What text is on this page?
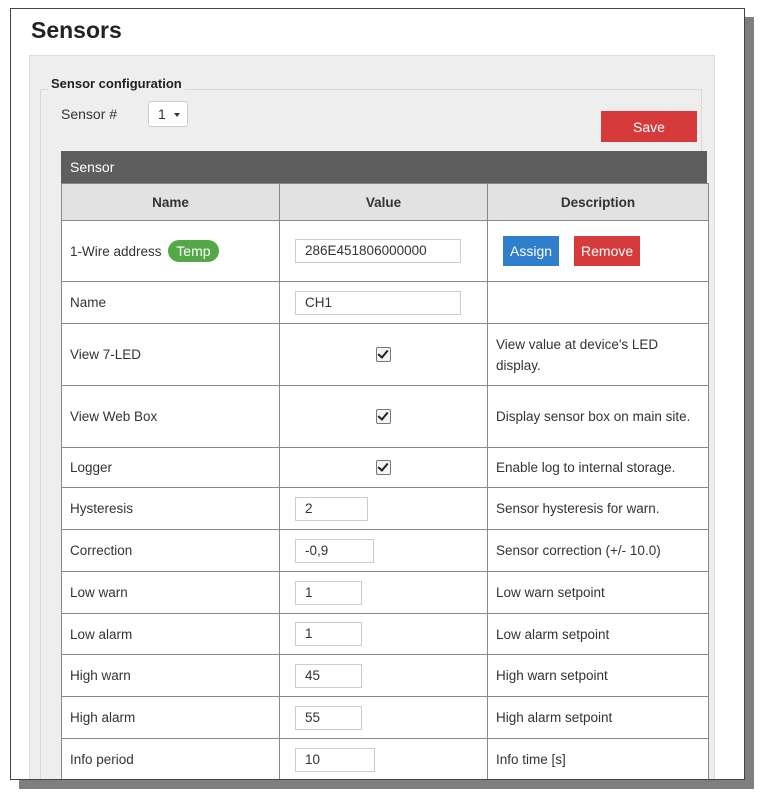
Sensors
Sensor configuration
Sensor #	1
Save
Sensor
Name	Value	Description
1-Wire address Temp	286E451806000000	Assign Remove
Name	CH1	
View 7-LED		View value at device's LED display.
View Web Box		Display sensor box on main site.
Logger		Enable log to internal storage.
Hysteresis	2	Sensor hysteresis for warn.
Correction	-0,9	Sensor correction (+/- 10.0)
Low warn	1	Low warn setpoint
Low alarm	1	Low alarm setpoint
High warn	45	High warn setpoint
High alarm	55	High alarm setpoint
Info period	10	Info time [s]
